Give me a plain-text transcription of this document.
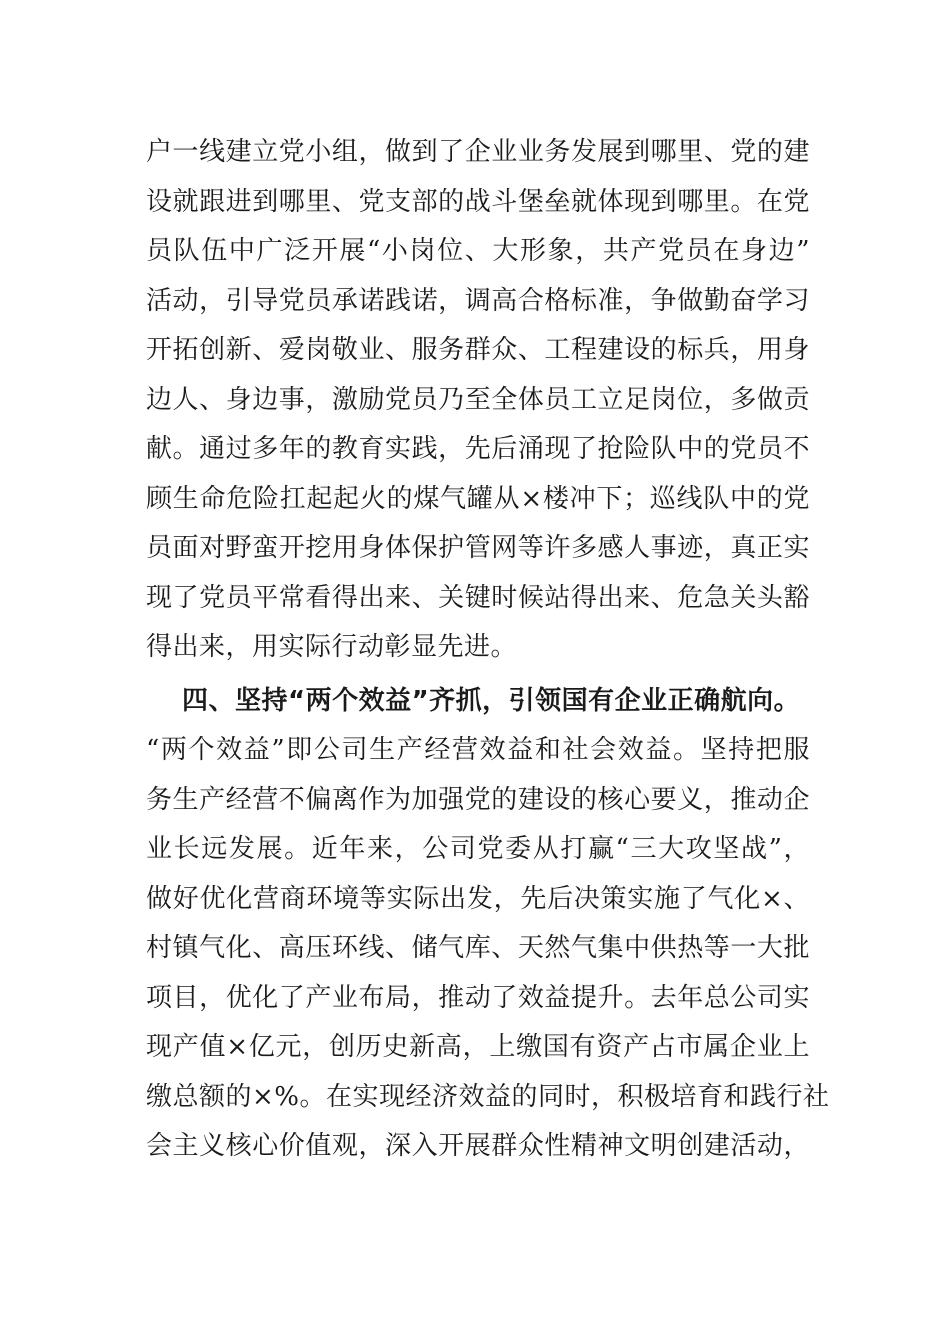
户一线建立党小组，做到了企业业务发展到哪里、党的建
设就跟进到哪里、党支部的战斗堡垒就体现到哪里。在党
员队伍中广泛开展“小岗位、大形象，共产党员在身边”
活动，引导党员承诺践诺，调高合格标准，争做勤奋学习
开拓创新、爱岗敬业、服务群众、工程建设的标兵，用身
边人、身边事，激励党员乃至全体员工立足岗位，多做贡
献。通过多年的教育实践，先后涌现了抢险队中的党员不
顾生命危险扛起起火的煤气罐从×楼冲下；巡线队中的党
员面对野蛮开挖用身体保护管网等许多感人事迹，真正实
现了党员平常看得出来、关键时候站得出来、危急关头豁
得出来，用实际行动彰显先进。
四、坚持“两个效益”齐抓，引领国有企业正确航向。
“两个效益”即公司生产经营效益和社会效益。坚持把服
务生产经营不偏离作为加强党的建设的核心要义，推动企
业长远发展。近年来，公司党委从打赢“三大攻坚战”，
做好优化营商环境等实际出发，先后决策实施了气化×、
村镇气化、高压环线、储气库、天然气集中供热等一大批
项目，优化了产业布局，推动了效益提升。去年总公司实
现产值×亿元，创历史新高，上缴国有资产占市属企业上
缴总额的×%。在实现经济效益的同时，积极培育和践行社
会主义核心价值观，深入开展群众性精神文明创建活动，
